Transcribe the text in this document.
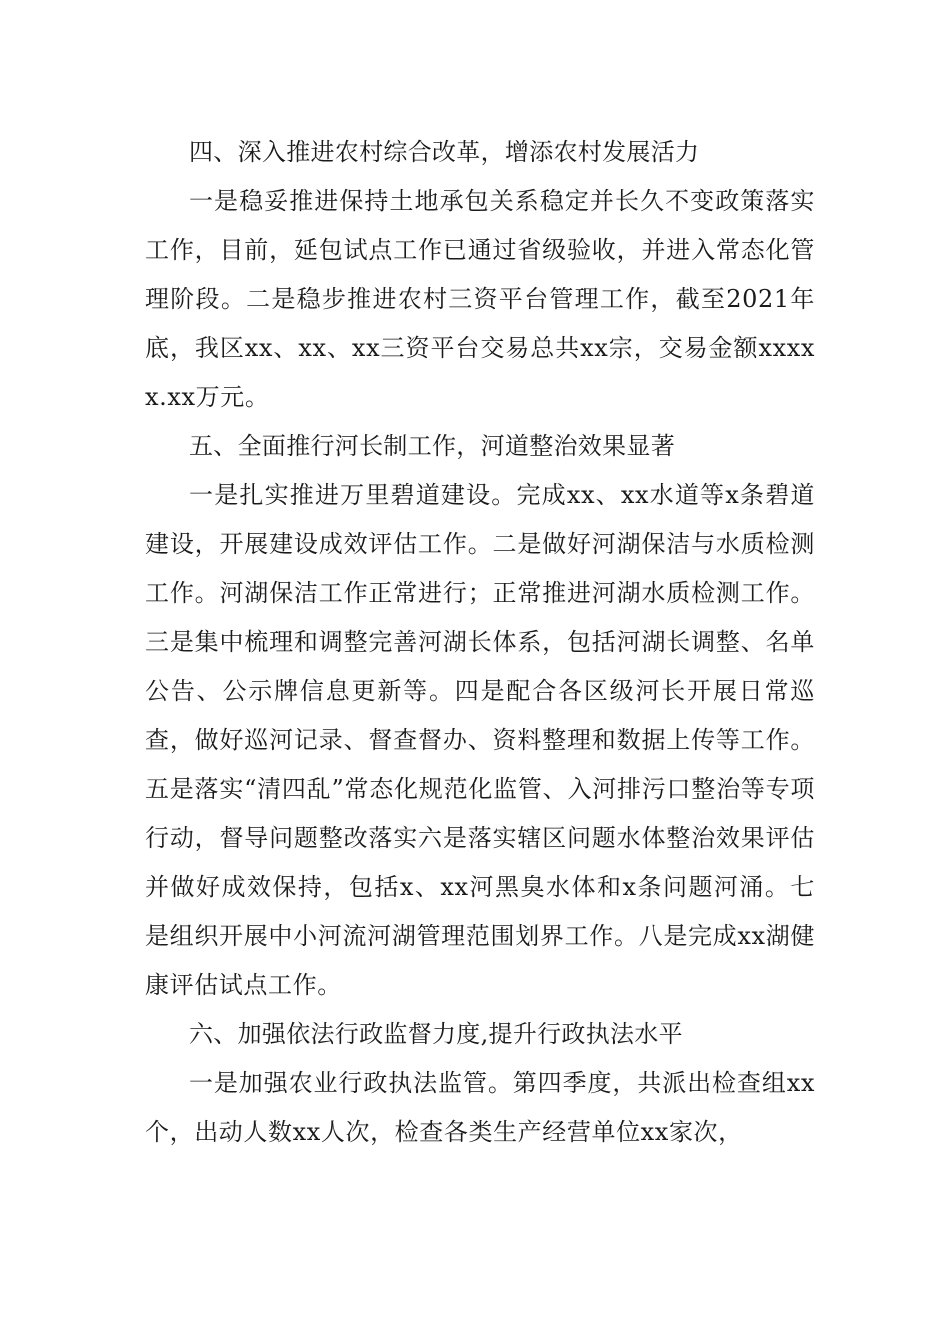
四、深入推进农村综合改革，增添农村发展活力

一是稳妥推进保持土地承包关系稳定并长久不变政策落实工作，目前，延包试点工作已通过省级验收，并进入常态化管理阶段。二是稳步推进农村三资平台管理工作，截至2021年底，我区xx、xx、xx三资平台交易总共xx宗，交易金额xxxxx.xx万元。

五、全面推行河长制工作，河道整治效果显著

一是扎实推进万里碧道建设。完成xx、xx水道等x条碧道建设，开展建设成效评估工作。二是做好河湖保洁与水质检测工作。河湖保洁工作正常进行；正常推进河湖水质检测工作。三是集中梳理和调整完善河湖长体系，包括河湖长调整、名单公告、公示牌信息更新等。四是配合各区级河长开展日常巡查，做好巡河记录、督查督办、资料整理和数据上传等工作。五是落实“清四乱”常态化规范化监管、入河排污口整治等专项行动，督导问题整改落实六是落实辖区问题水体整治效果评估并做好成效保持，包括x、xx河黑臭水体和x条问题河涌。七是组织开展中小河流河湖管理范围划界工作。八是完成xx湖健康评估试点工作。

六、加强依法行政监督力度,提升行政执法水平

一是加强农业行政执法监管。第四季度，共派出检查组xx个，出动人数xx人次，检查各类生产经营单位xx家次，
